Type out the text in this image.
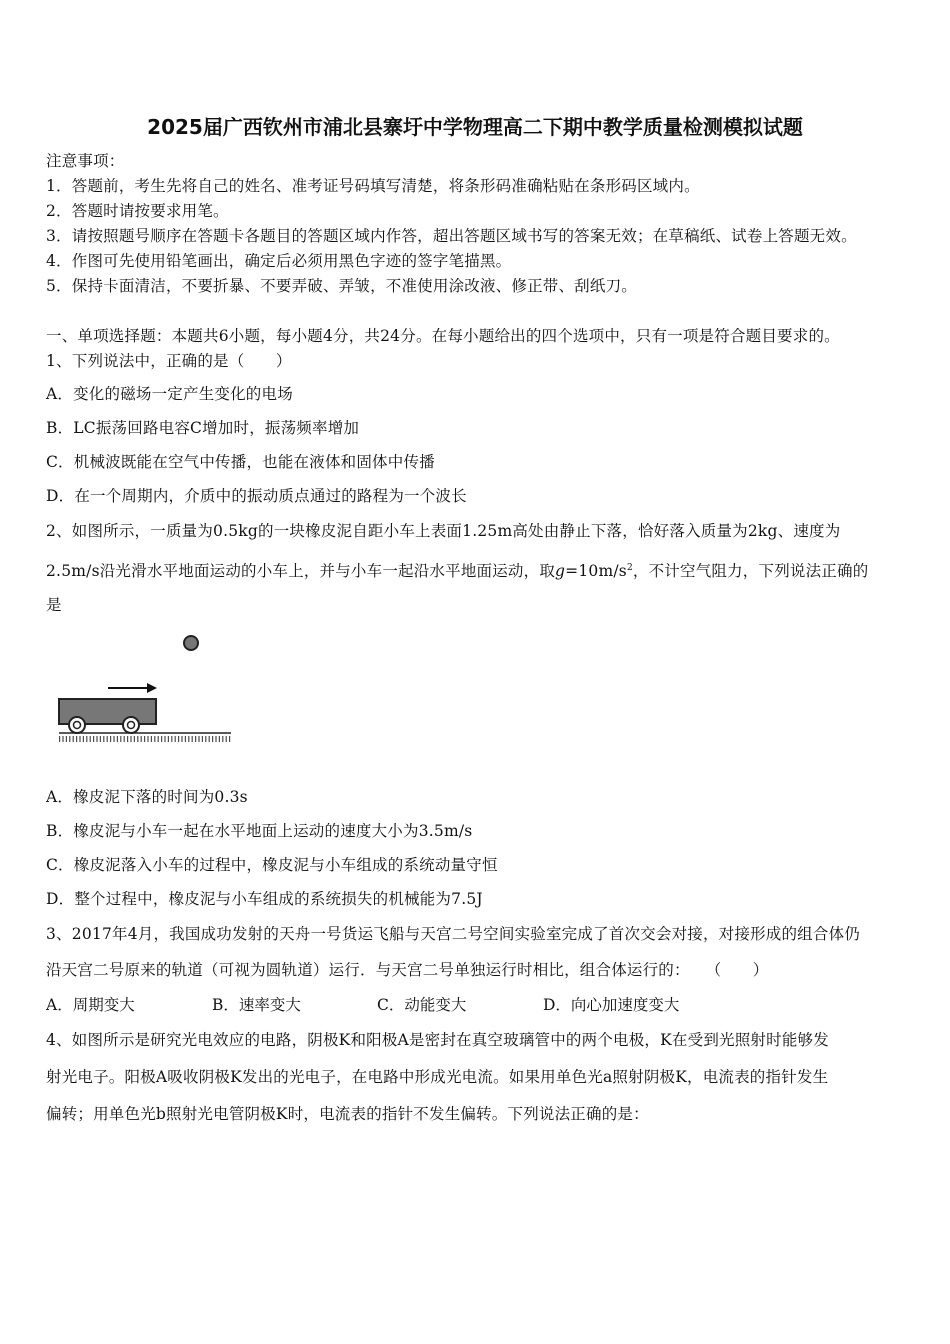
2025届广西钦州市浦北县寨圩中学物理高二下期中教学质量检测模拟试题
注意事项：
1．答题前，考生先将自己的姓名、准考证号码填写清楚，将条形码准确粘贴在条形码区域内。
2．答题时请按要求用笔。
3．请按照题号顺序在答题卡各题目的答题区域内作答，超出答题区域书写的答案无效；在草稿纸、试卷上答题无效。
4．作图可先使用铅笔画出，确定后必须用黑色字迹的签字笔描黑。
5．保持卡面清洁，不要折暴、不要弄破、弄皱，不准使用涂改液、修正带、刮纸刀。
一、单项选择题：本题共6小题，每小题4分，共24分。在每小题给出的四个选项中，只有一项是符合题目要求的。
1、下列说法中，正确的是（　　）
A．变化的磁场一定产生变化的电场
B．LC振荡回路电容C增加时，振荡频率增加
C．机械波既能在空气中传播，也能在液体和固体中传播
D．在一个周期内，介质中的振动质点通过的路程为一个波长
2、如图所示，一质量为0.5kg的一块橡皮泥自距小车上表面1.25m高处由静止下落，恰好落入质量为2kg、速度为
2.5m/s沿光滑水平地面运动的小车上，并与小车一起沿水平地面运动，取$g=10m/s^2$，不计空气阻力，下列说法正确的
是
A．橡皮泥下落的时间为0.3s
B．橡皮泥与小车一起在水平地面上运动的速度大小为3.5m/s
C．橡皮泥落入小车的过程中，橡皮泥与小车组成的系统动量守恒
D．整个过程中，橡皮泥与小车组成的系统损失的机械能为7.5J
3、2017年4月，我国成功发射的天舟一号货运飞船与天宫二号空间实验室完成了首次交会对接，对接形成的组合体仍
沿天宫二号原来的轨道（可视为圆轨道）运行．与天宫二号单独运行时相比，组合体运行的：　　（　　）
A．周期变大	B．速率变大	C．动能变大	D．向心加速度变大
4、如图所示是研究光电效应的电路，阴极K和阳极A是密封在真空玻璃管中的两个电极，K在受到光照射时能够发
射光电子。阳极A吸收阴极K发出的光电子，在电路中形成光电流。如果用单色光a照射阴极K，电流表的指针发生
偏转；用单色光b照射光电管阴极K时，电流表的指针不发生偏转。下列说法正确的是：
